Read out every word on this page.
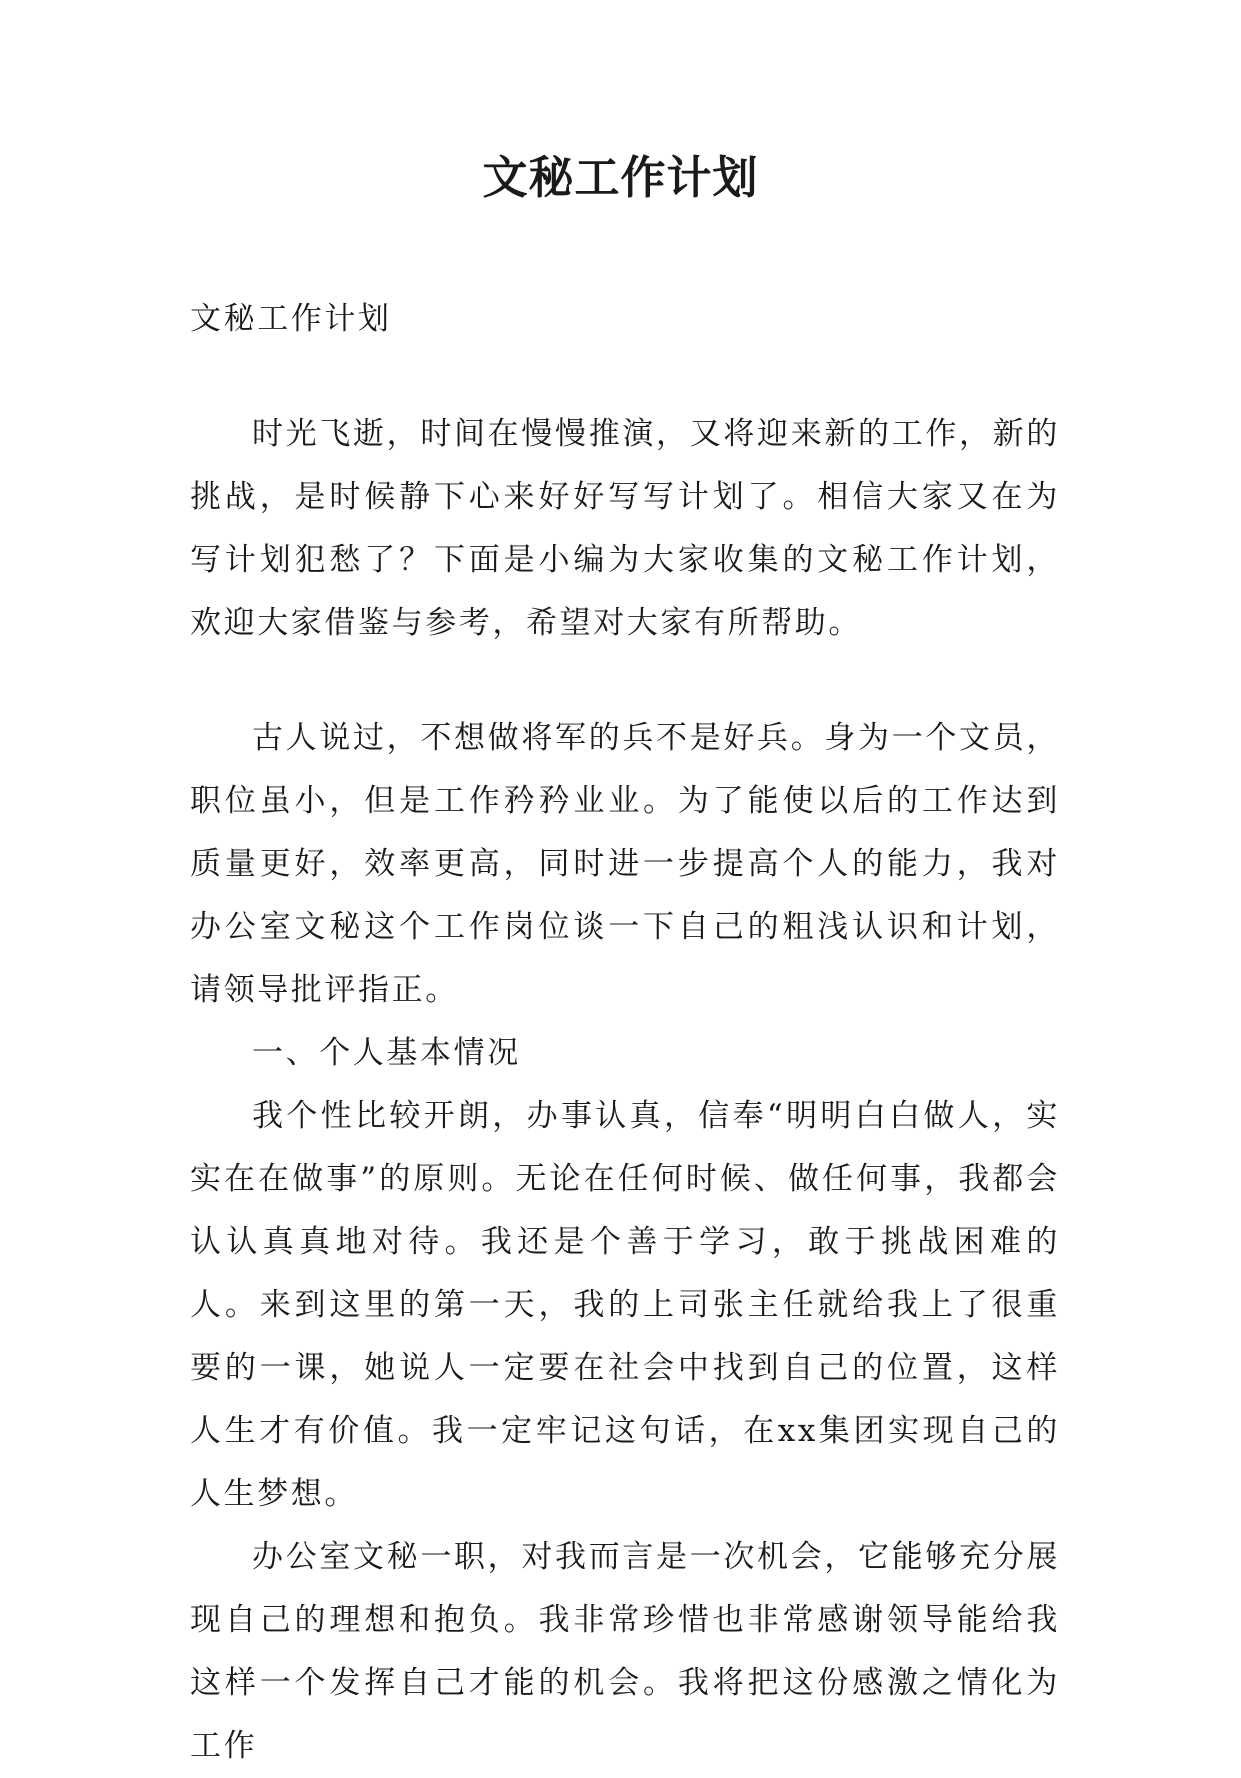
文秘工作计划

文秘工作计划

时光飞逝，时间在慢慢推演，又将迎来新的工作，新的挑战，是时候静下心来好好写写计划了。相信大家又在为写计划犯愁了？下面是小编为大家收集的文秘工作计划，欢迎大家借鉴与参考，希望对大家有所帮助。

古人说过，不想做将军的兵不是好兵。身为一个文员，职位虽小，但是工作矜矜业业。为了能使以后的工作达到质量更好，效率更高，同时进一步提高个人的能力，我对办公室文秘这个工作岗位谈一下自己的粗浅认识和计划，请领导批评指正。

一、个人基本情况

我个性比较开朗，办事认真，信奉“明明白白做人，实实在在做事”的原则。无论在任何时候、做任何事，我都会认认真真地对待。我还是个善于学习，敢于挑战困难的人。来到这里的第一天，我的上司张主任就给我上了很重要的一课，她说人一定要在社会中找到自己的位置，这样人生才有价值。我一定牢记这句话，在xx集团实现自己的人生梦想。

办公室文秘一职，对我而言是一次机会，它能够充分展现自己的理想和抱负。我非常珍惜也非常感谢领导能给我这样一个发挥自己才能的机会。我将把这份感激之情化为工作
